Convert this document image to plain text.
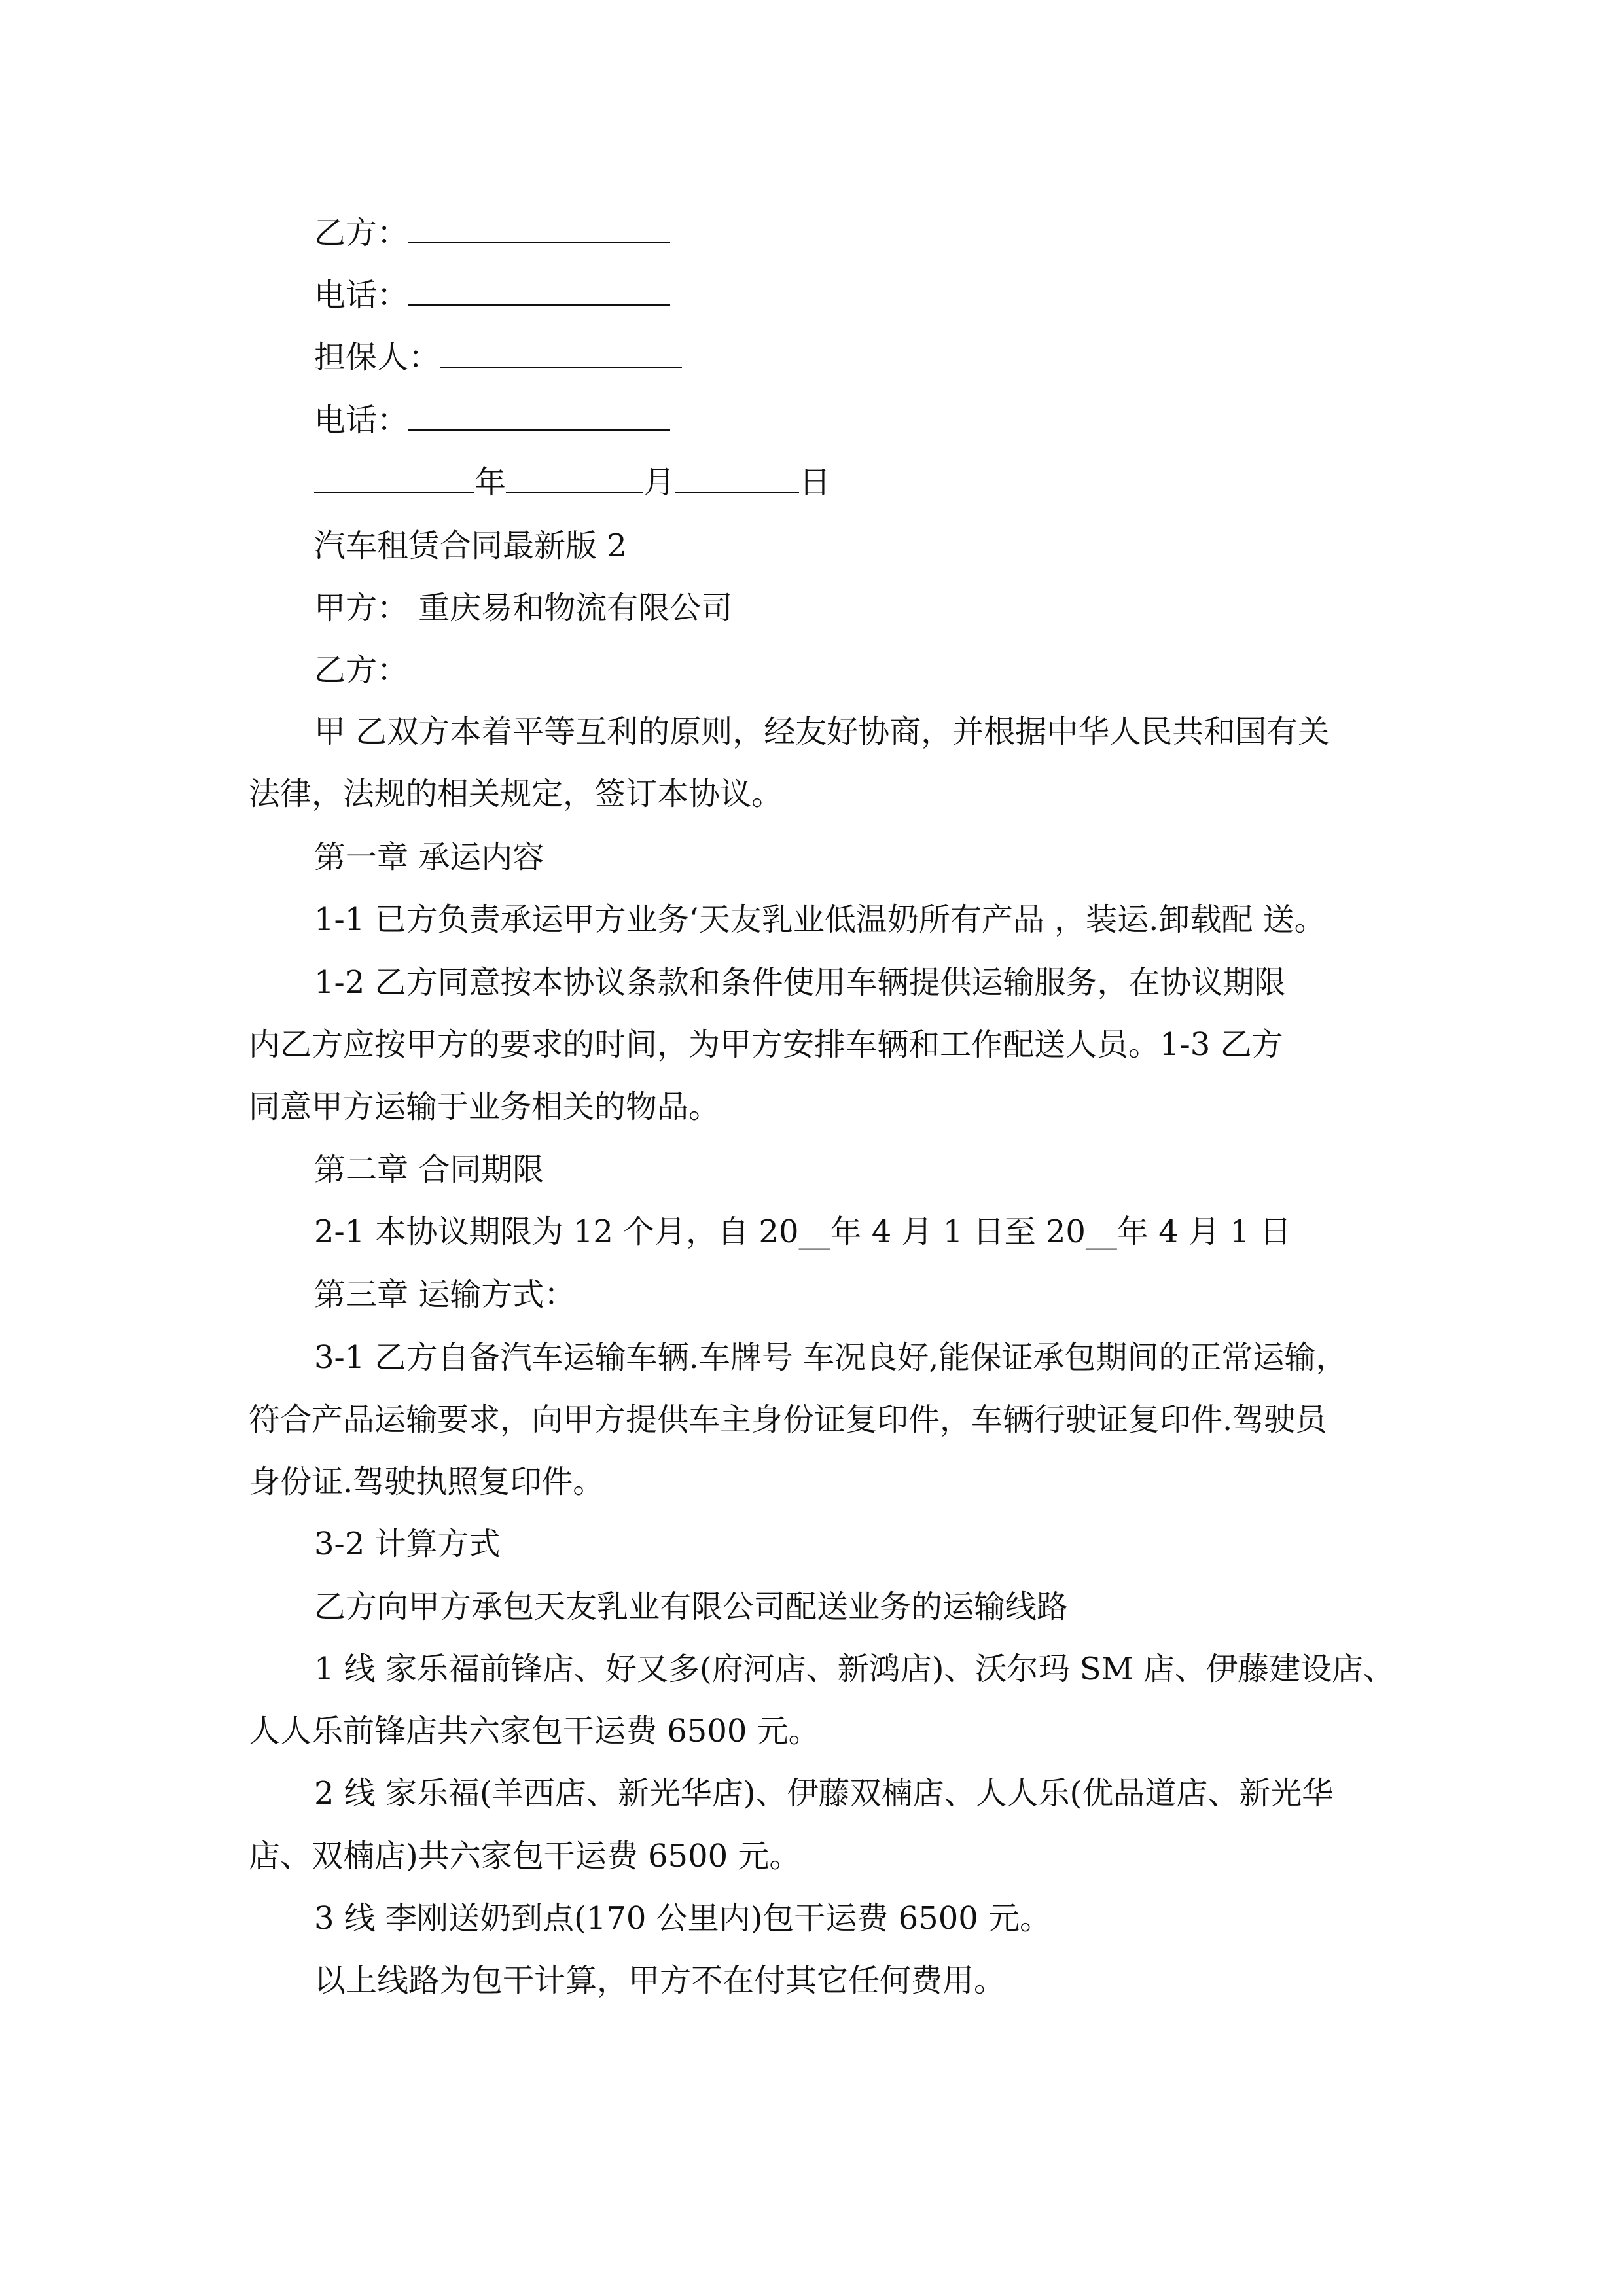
乙方：
电话：
担保人：
电话：
年	月	日
汽车租赁合同最新版 2
甲方： 重庆易和物流有限公司
乙方：
甲 乙双方本着平等互利的原则，经友好协商，并根据中华人民共和国有关
法律，法规的相关规定，签订本协议。
第一章 承运内容
1-1 已方负责承运甲方业务‘天友乳业低温奶所有产品 ，装运.卸载配 送。
1-2 乙方同意按本协议条款和条件使用车辆提供运输服务，在协议期限
内乙方应按甲方的要求的时间，为甲方安排车辆和工作配送人员。1-3 乙方
同意甲方运输于业务相关的物品。
第二章 合同期限
2-1 本协议期限为 12 个月，自 20__年 4 月 1 日至 20__年 4 月 1 日
第三章 运输方式：
3-1 乙方自备汽车运输车辆.车牌号 车况良好,能保证承包期间的正常运输，
符合产品运输要求，向甲方提供车主身份证复印件，车辆行驶证复印件.驾驶员
身份证.驾驶执照复印件。
3-2 计算方式
乙方向甲方承包天友乳业有限公司配送业务的运输线路
1 线 家乐福前锋店、好又多(府河店、新鸿店)、沃尔玛 SM 店、伊藤建设店、
人人乐前锋店共六家包干运费 6500 元。
2 线 家乐福(羊西店、新光华店)、伊藤双楠店、人人乐(优品道店、新光华
店、双楠店)共六家包干运费 6500 元。
3 线 李刚送奶到点(170 公里内)包干运费 6500 元。
以上线路为包干计算，甲方不在付其它任何费用。
